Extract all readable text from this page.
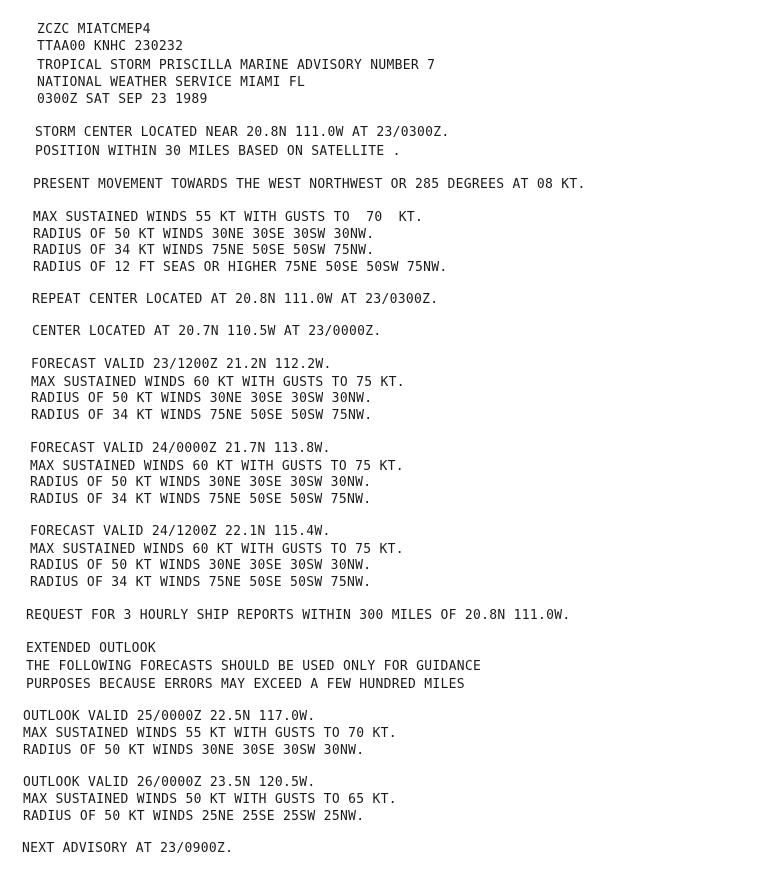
ZCZC MIATCMEP4
TTAA00 KNHC 230232
TROPICAL STORM PRISCILLA MARINE ADVISORY NUMBER 7
NATIONAL WEATHER SERVICE MIAMI FL
0300Z SAT SEP 23 1989
STORM CENTER LOCATED NEAR 20.8N 111.0W AT 23/0300Z.
POSITION WITHIN 30 MILES BASED ON SATELLITE .
PRESENT MOVEMENT TOWARDS THE WEST NORTHWEST OR 285 DEGREES AT 08 KT.
MAX SUSTAINED WINDS 55 KT WITH GUSTS TO  70  KT.
RADIUS OF 50 KT WINDS 30NE 30SE 30SW 30NW.
RADIUS OF 34 KT WINDS 75NE 50SE 50SW 75NW.
RADIUS OF 12 FT SEAS OR HIGHER 75NE 50SE 50SW 75NW.
REPEAT CENTER LOCATED AT 20.8N 111.0W AT 23/0300Z.
CENTER LOCATED AT 20.7N 110.5W AT 23/0000Z.
FORECAST VALID 23/1200Z 21.2N 112.2W.
MAX SUSTAINED WINDS 60 KT WITH GUSTS TO 75 KT.
RADIUS OF 50 KT WINDS 30NE 30SE 30SW 30NW.
RADIUS OF 34 KT WINDS 75NE 50SE 50SW 75NW.
FORECAST VALID 24/0000Z 21.7N 113.8W.
MAX SUSTAINED WINDS 60 KT WITH GUSTS TO 75 KT.
RADIUS OF 50 KT WINDS 30NE 30SE 30SW 30NW.
RADIUS OF 34 KT WINDS 75NE 50SE 50SW 75NW.
FORECAST VALID 24/1200Z 22.1N 115.4W.
MAX SUSTAINED WINDS 60 KT WITH GUSTS TO 75 KT.
RADIUS OF 50 KT WINDS 30NE 30SE 30SW 30NW.
RADIUS OF 34 KT WINDS 75NE 50SE 50SW 75NW.
REQUEST FOR 3 HOURLY SHIP REPORTS WITHIN 300 MILES OF 20.8N 111.0W.
EXTENDED OUTLOOK
THE FOLLOWING FORECASTS SHOULD BE USED ONLY FOR GUIDANCE
PURPOSES BECAUSE ERRORS MAY EXCEED A FEW HUNDRED MILES
OUTLOOK VALID 25/0000Z 22.5N 117.0W.
MAX SUSTAINED WINDS 55 KT WITH GUSTS TO 70 KT.
RADIUS OF 50 KT WINDS 30NE 30SE 30SW 30NW.
OUTLOOK VALID 26/0000Z 23.5N 120.5W.
MAX SUSTAINED WINDS 50 KT WITH GUSTS TO 65 KT.
RADIUS OF 50 KT WINDS 25NE 25SE 25SW 25NW.
NEXT ADVISORY AT 23/0900Z.
